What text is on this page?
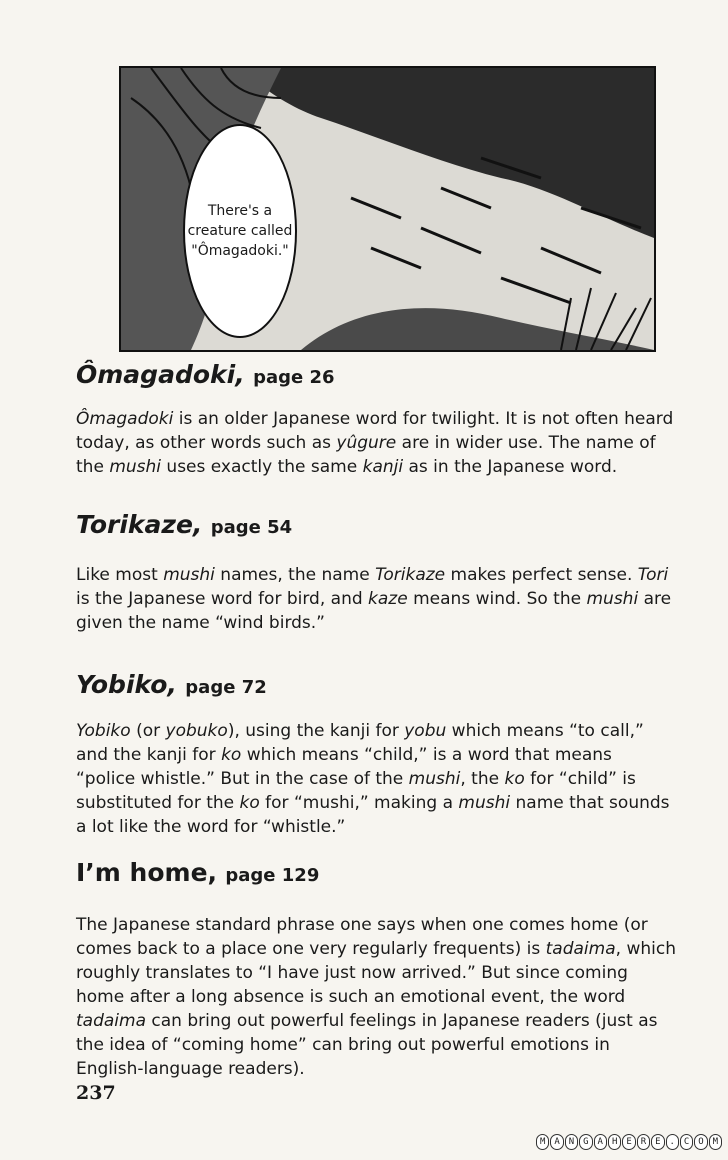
There's a
creature called
"Ômagadoki."
Ômagadoki, page 26

Ômagadoki is an older Japanese word for twilight. It is not often heard today, as other words such as yûgure are in wider use. The name of the mushi uses exactly the same kanji as in the Japanese word.

Torikaze, page 54

Like most mushi names, the name Torikaze makes perfect sense. Tori is the Japanese word for bird, and kaze means wind. So the mushi are given the name “wind birds.”

Yobiko, page 72

Yobiko (or yobuko), using the kanji for yobu which means “to call,” and the kanji for ko which means “child,” is a word that means “police whistle.” But in the case of the mushi, the ko for “child” is substituted for the ko for “mushi,” making a mushi name that sounds a lot like the word for “whistle.”

I’m home, page 129

The Japanese standard phrase one says when one comes home (or comes back to a place one very regularly frequents) is tadaima, which roughly translates to “I have just now arrived.” But since coming home after a long absence is such an emotional event, the word tadaima can bring out powerful feelings in Japanese readers (just as the idea of “coming home” can bring out powerful emotions in English-language readers).

237
M A N G A H E R E . C O M
